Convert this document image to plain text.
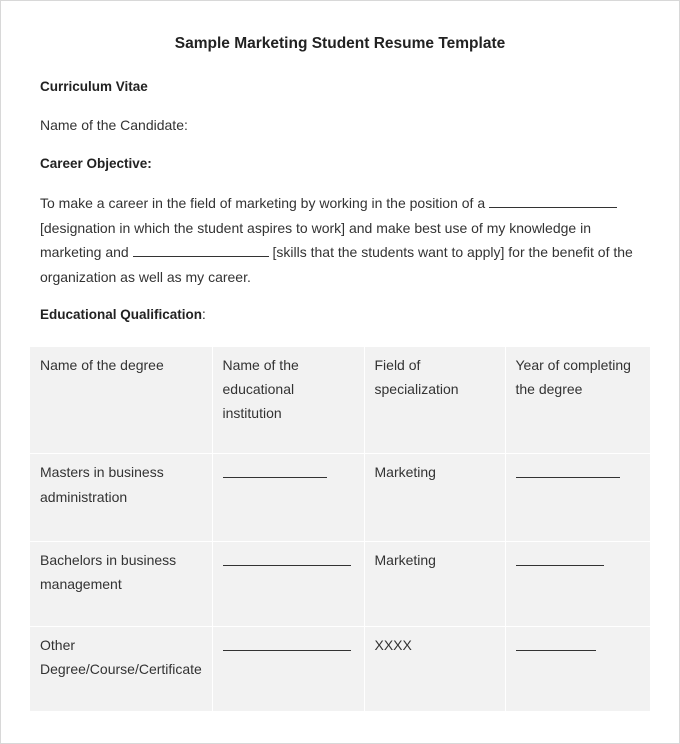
Sample Marketing Student Resume Template
Curriculum Vitae
Name of the Candidate:
Career Objective:
To make a career in the field of marketing by working in the position of a  [designation in which the student aspires to work] and make best use of my knowledge in marketing and	[skills that the students want to apply] for the benefit of the organization as well as my career.
Educational Qualification:
Name of the degree	Name of the educational institution	Field of specialization	Year of completing the degree
Masters in business administration		Marketing	

Bachelors in business management		Marketing	

Other Degree/Course/Certificate		XXXX	
